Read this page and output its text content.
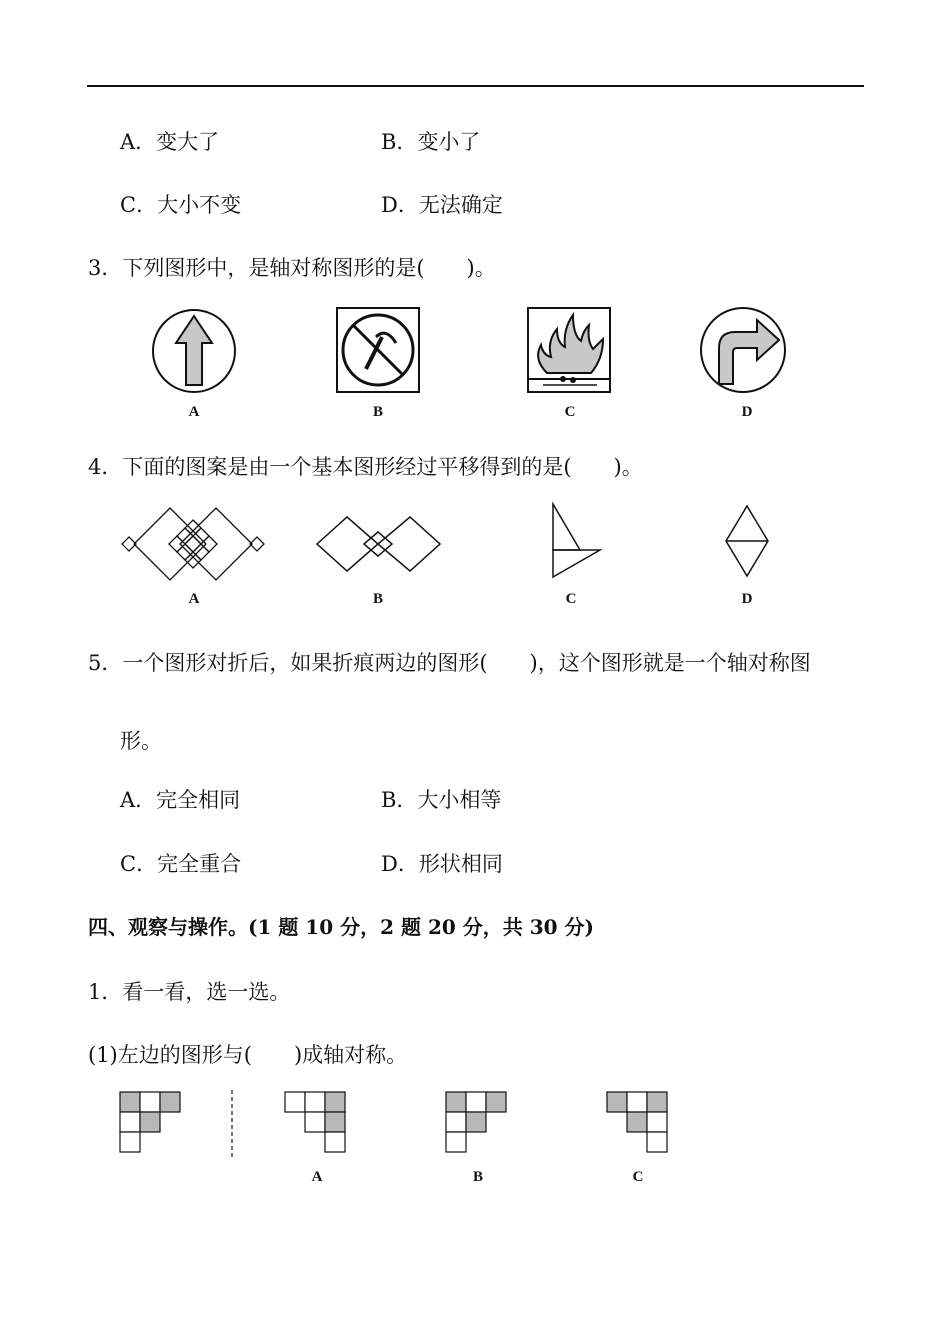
A．变大了	B．变小了
C．大小不变	D．无法确定
3．下列图形中，是轴对称图形的是(　　)。
A	B	C	D
4．下面的图案是由一个基本图形经过平移得到的是(　　)。
A	B	C	D
5．一个图形对折后，如果折痕两边的图形(　　)，这个图形就是一个轴对称图
形。
A．完全相同	B．大小相等
C．完全重合	D．形状相同
四、观察与操作。(1 题 10 分，2 题 20 分，共 30 分)
1．看一看，选一选。
(1)左边的图形与(　　)成轴对称。
A	B	C
